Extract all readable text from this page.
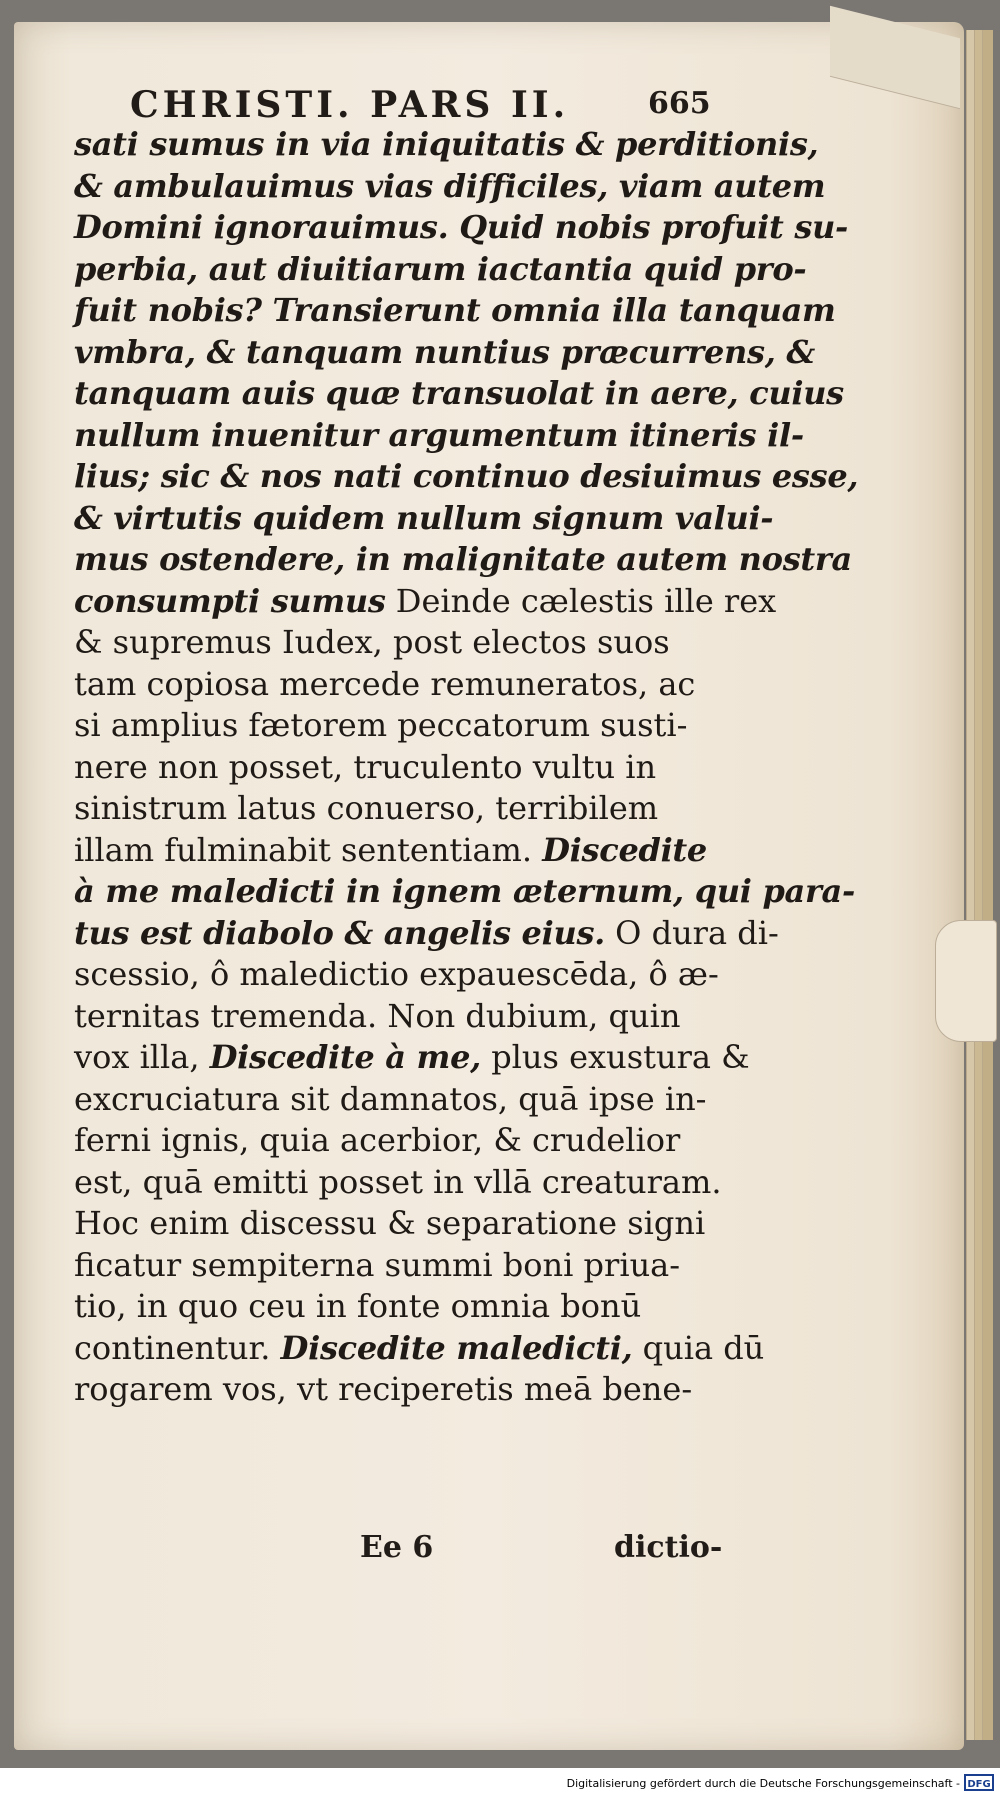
CHRISTI. PARS II.	665
sati sumus in via iniquitatis & perditionis,
& ambulauimus vias difficiles, viam autem
Domini ignorauimus. Quid nobis profuit su-
perbia, aut diuitiarum iactantia quid pro-
fuit nobis? Transierunt omnia illa tanquam
vmbra, & tanquam nuntius præcurrens, &
tanquam auis quæ transuolat in aere, cuius
nullum inuenitur argumentum itineris il-
lius; sic & nos nati continuo desiuimus esse,
& virtutis quidem nullum signum valui-
mus ostendere, in malignitate autem nostra
consumpti sumus Deinde cælestis ille rex
& supremus Iudex, post electos suos
tam copiosa mercede remuneratos, ac
si amplius fætorem peccatorum susti-
nere non posset, truculento vultu in
sinistrum latus conuerso, terribilem
illam fulminabit sententiam. Discedite
à me maledicti in ignem æternum, qui para-
tus est diabolo & angelis eius. O dura di-
scessio, ô maledictio expauescēda, ô æ-
ternitas tremenda. Non dubium, quin
vox illa, Discedite à me, plus exustura &
excruciatura sit damnatos, quā ipse in-
ferni ignis, quia acerbior, & crudelior
est, quā emitti posset in vllā creaturam.
Hoc enim discessu & separatione signi
ficatur sempiterna summi boni priua-
tio, in quo ceu in fonte omnia bonū
continentur. Discedite maledicti, quia dū
rogarem vos, vt reciperetis meā bene-
Ee 6	dictio-
Digitalisierung gefördert durch die Deutsche Forschungsgemeinschaft - DFG
